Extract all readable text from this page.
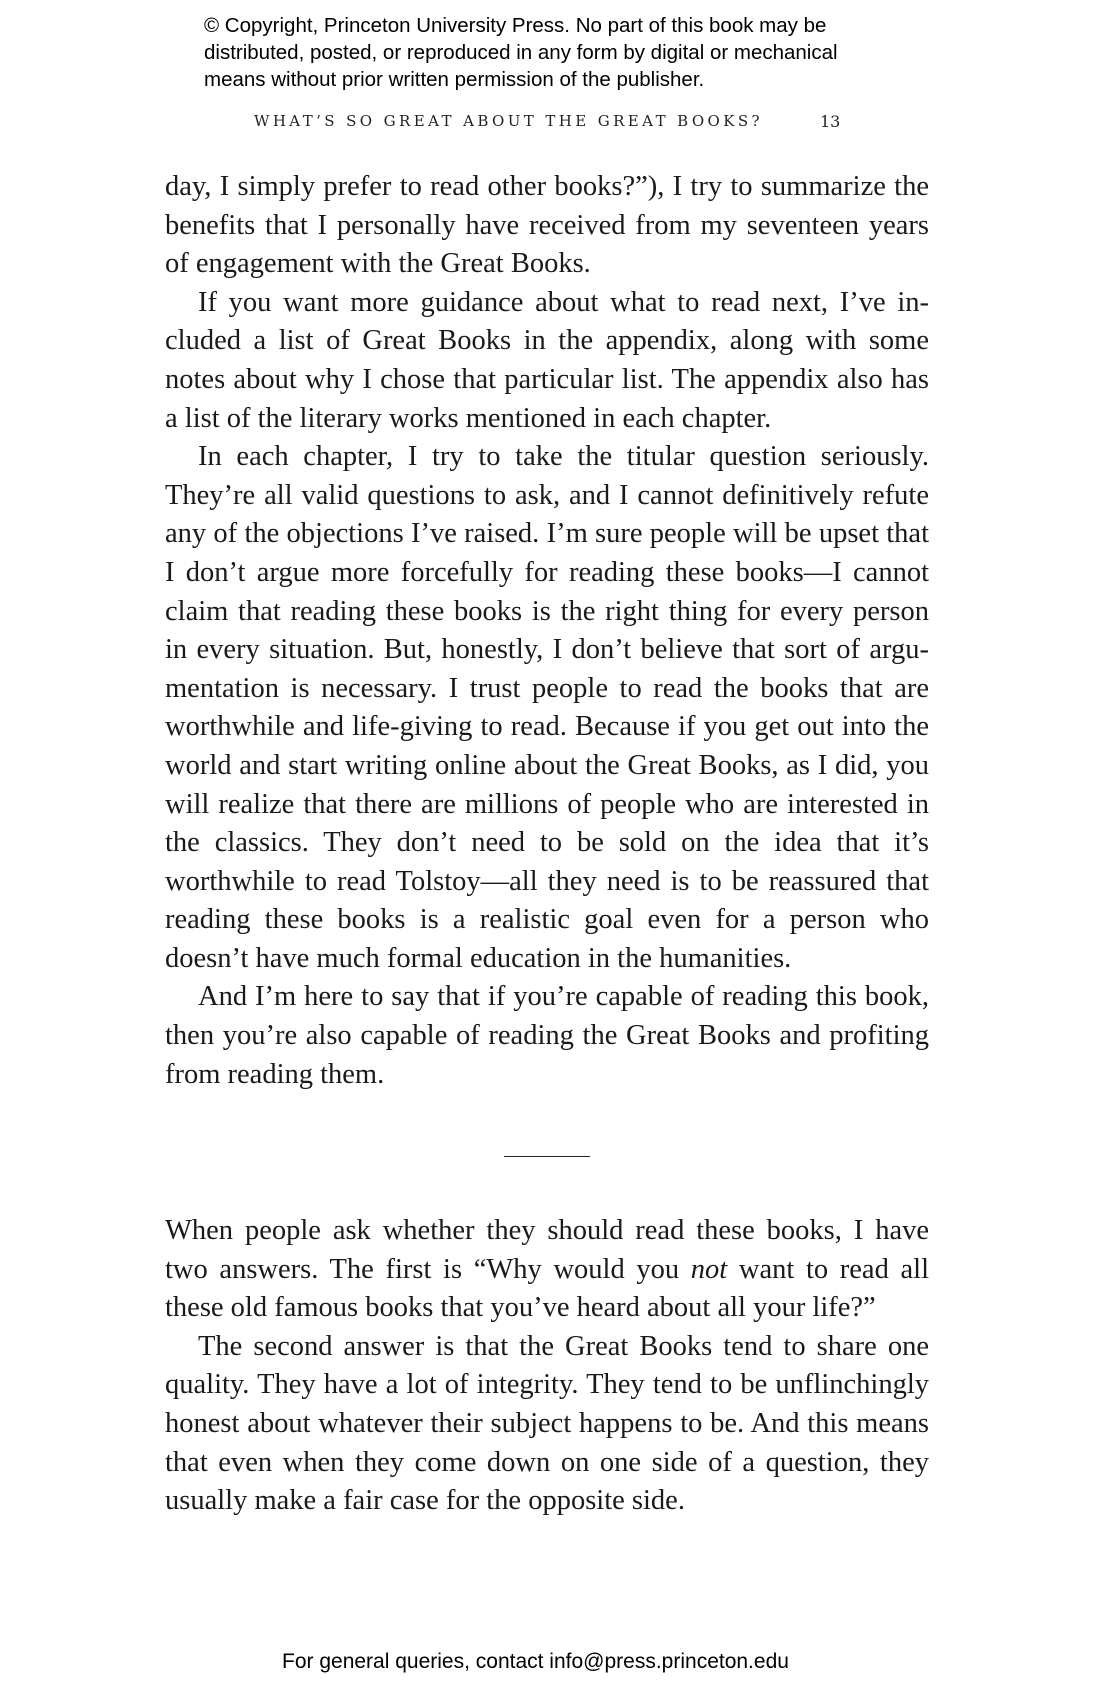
© Copyright, Princeton University Press. No part of this book may be
distributed, posted, or reproduced in any form by digital or mechanical
means without prior written permission of the publisher.
WHAT’S SO GREAT ABOUT THE GREAT BOOKS?	13

day, I simply prefer to read other books?”), I try to summarize the benefits that I personally have received from my seventeen years of engagement with the Great Books.

If you want more guidance about what to read next, I’ve included a list of Great Books in the appendix, along with some notes about why I chose that particular list. The appendix also has a list of the literary works mentioned in each chapter.

In each chapter, I try to take the titular question seriously. They’re all valid questions to ask, and I cannot definitively refute any of the objections I’ve raised. I’m sure people will be upset that I don’t argue more forcefully for reading these books—I cannot claim that reading these books is the right thing for every person in every situation. But, honestly, I don’t believe that sort of argumentation is necessary. I trust people to read the books that are worthwhile and life-giving to read. Because if you get out into the world and start writing online about the Great Books, as I did, you will realize that there are millions of people who are interested in the classics. They don’t need to be sold on the idea that it’s worthwhile to read Tolstoy—all they need is to be reassured that reading these books is a realistic goal even for a person who doesn’t have much formal education in the humanities.

And I’m here to say that if you’re capable of reading this book, then you’re also capable of reading the Great Books and profiting from reading them.

When people ask whether they should read these books, I have two answers. The first is “Why would you not want to read all these old famous books that you’ve heard about all your life?”

The second answer is that the Great Books tend to share one quality. They have a lot of integrity. They tend to be unflinchingly honest about whatever their subject happens to be. And this means that even when they come down on one side of a question, they usually make a fair case for the opposite side.

For general queries, contact info@press.princeton.edu
